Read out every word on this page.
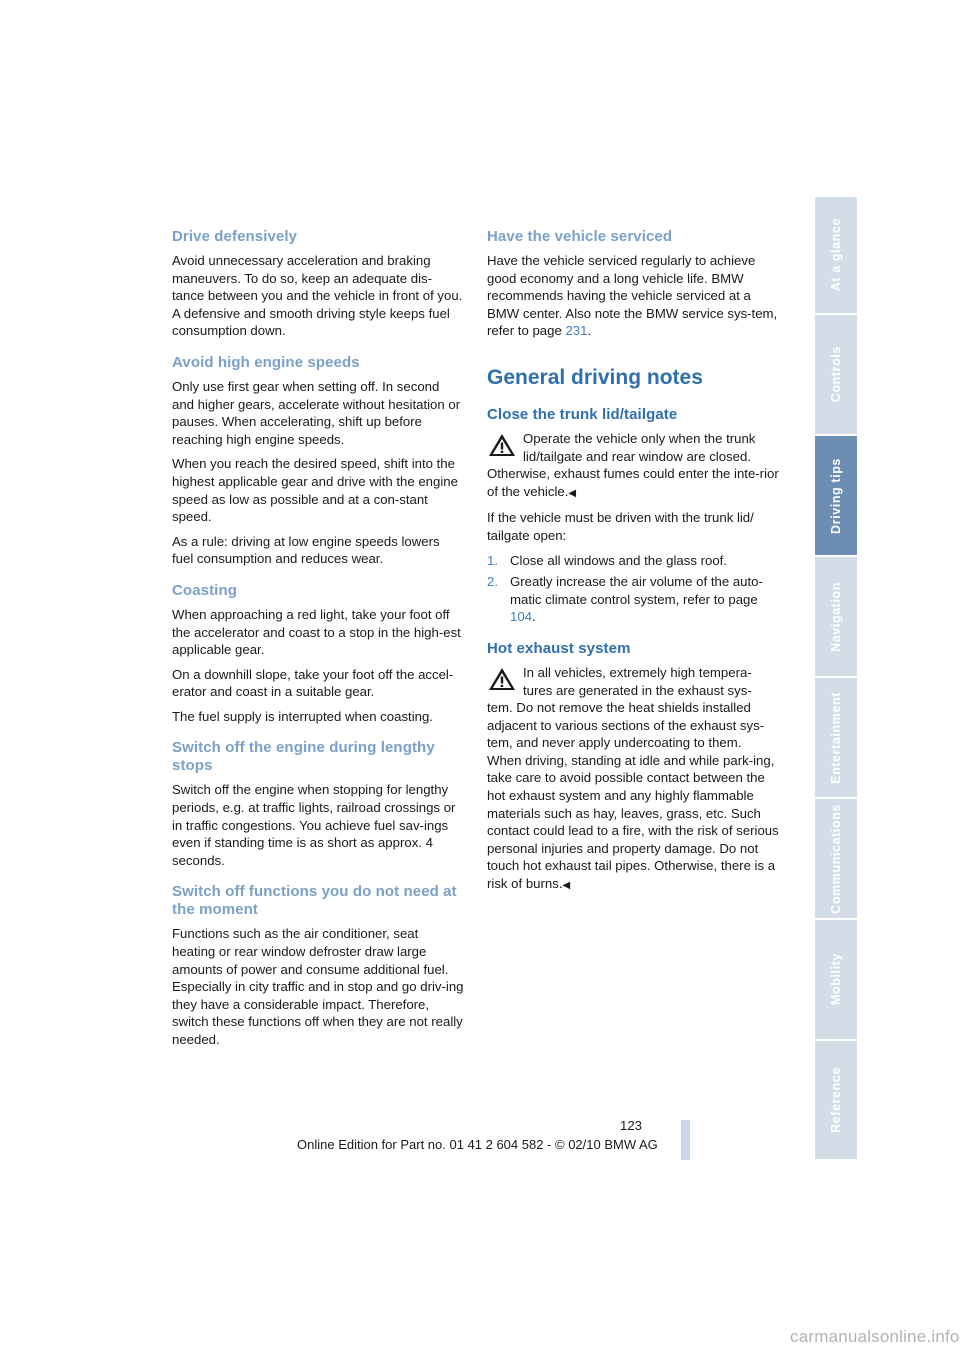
Drive defensively

Avoid unnecessary acceleration and braking maneuvers. To do so, keep an adequate dis-tance between you and the vehicle in front of you. A defensive and smooth driving style keeps fuel consumption down.

Avoid high engine speeds

Only use first gear when setting off. In second and higher gears, accelerate without hesitation or pauses. When accelerating, shift up before reaching high engine speeds.

When you reach the desired speed, shift into the highest applicable gear and drive with the engine speed as low as possible and at a con-stant speed.

As a rule: driving at low engine speeds lowers fuel consumption and reduces wear.

Coasting

When approaching a red light, take your foot off the accelerator and coast to a stop in the high-est applicable gear.

On a downhill slope, take your foot off the accel-erator and coast in a suitable gear.

The fuel supply is interrupted when coasting.

Switch off the engine during lengthy stops

Switch off the engine when stopping for lengthy periods, e.g. at traffic lights, railroad crossings or in traffic congestions. You achieve fuel sav-ings even if standing time is as short as approx. 4 seconds.

Switch off functions you do not need at the moment

Functions such as the air conditioner, seat heating or rear window defroster draw large amounts of power and consume additional fuel. Especially in city traffic and in stop and go driv-ing they have a considerable impact. Therefore, switch these functions off when they are not really needed.

Have the vehicle serviced

Have the vehicle serviced regularly to achieve good economy and a long vehicle life. BMW recommends having the vehicle serviced at a BMW center. Also note the BMW service sys-tem, refer to page 231.

General driving notes
Close the trunk lid/tailgate

Operate the vehicle only when the trunk lid/tailgate and rear window are closed.

Otherwise, exhaust fumes could enter the inte-rior of the vehicle.◀

If the vehicle must be driven with the trunk lid/ tailgate open:

1. Close all windows and the glass roof.
2. Greatly increase the air volume of the auto-matic climate control system, refer to page 104.
Hot exhaust system

In all vehicles, extremely high tempera-tures are generated in the exhaust sys-

tem. Do not remove the heat shields installed adjacent to various sections of the exhaust sys-tem, and never apply undercoating to them. When driving, standing at idle and while park-ing, take care to avoid possible contact between the hot exhaust system and any highly flammable materials such as hay, leaves, grass, etc. Such contact could lead to a fire, with the risk of serious personal injuries and property damage. Do not touch hot exhaust tail pipes. Otherwise, there is a risk of burns.◀

At a glance
Controls
Driving tips
Navigation
Entertainment
Communications
Mobility
Reference
123
Online Edition for Part no. 01 41 2 604 582 - © 02/10 BMW AG
carmanualsonline.info
